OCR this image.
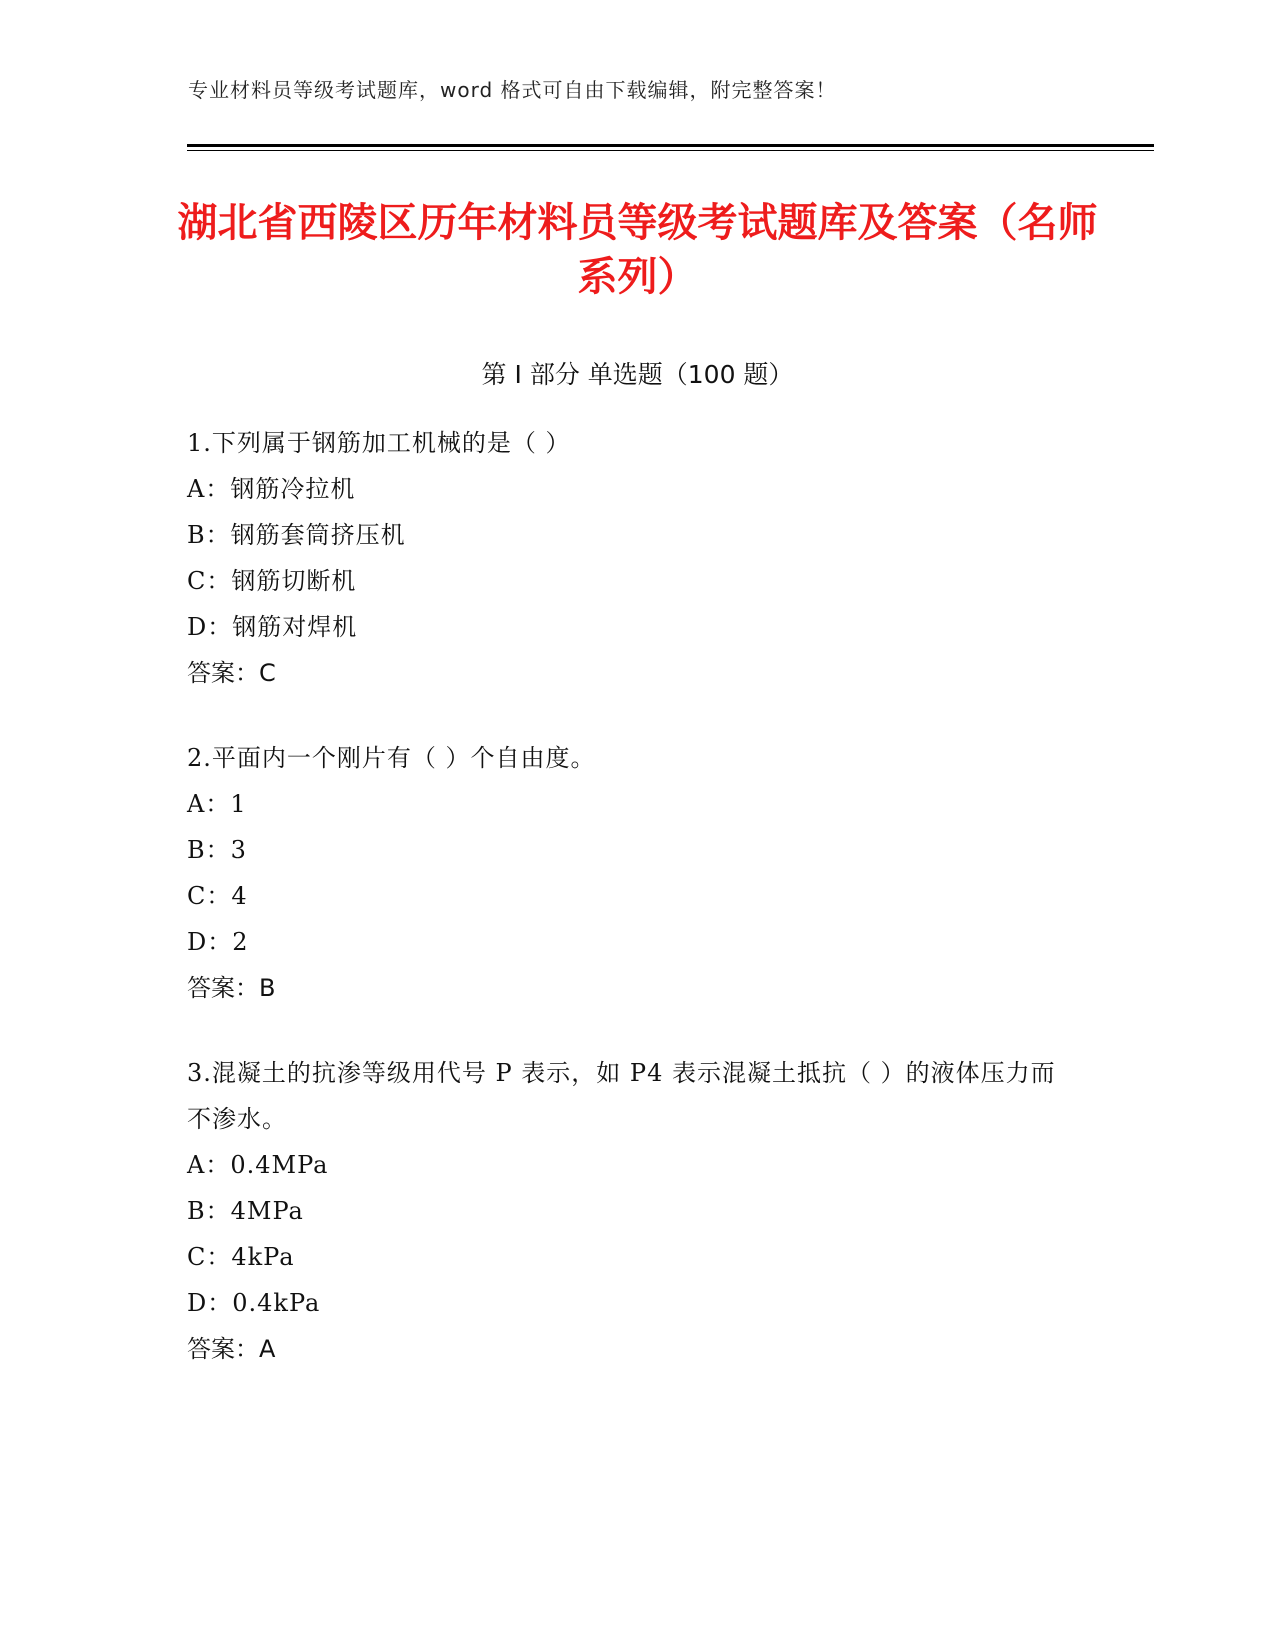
专业材料员等级考试题库，word 格式可自由下载编辑，附完整答案！
湖北省西陵区历年材料员等级考试题库及答案（名师系列）
第 I 部分 单选题（100 题）
1.下列属于钢筋加工机械的是（ ）
A：钢筋冷拉机
B：钢筋套筒挤压机
C：钢筋切断机
D：钢筋对焊机
答案：C
2.平面内一个刚片有（ ）个自由度。
A：1
B：3
C：4
D：2
答案：B
3.混凝土的抗渗等级用代号 P 表示，如 P4 表示混凝土抵抗（ ）的液体压力而不渗水。
A：0.4MPa
B：4MPa
C：4kPa
D：0.4kPa
答案：A
